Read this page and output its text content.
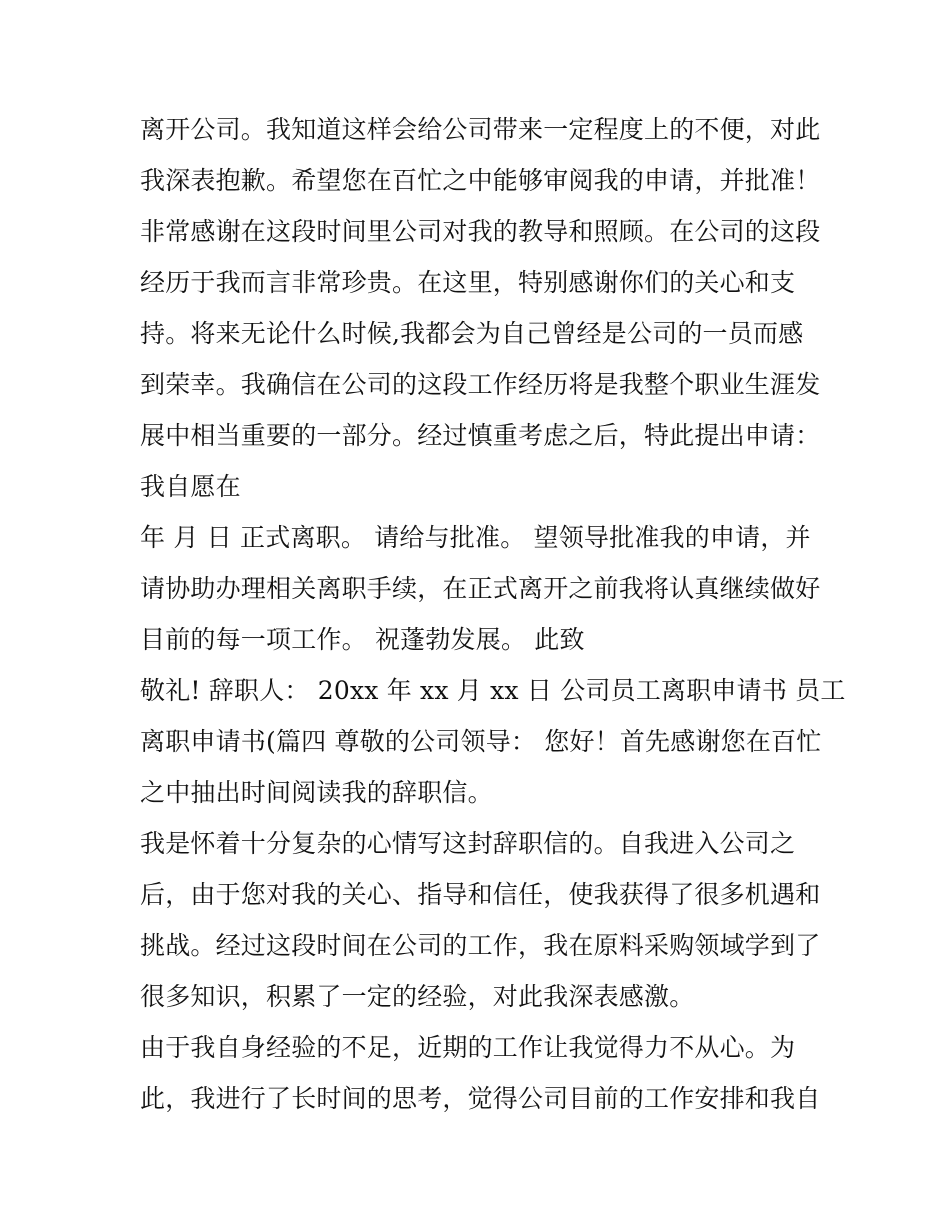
离开公司。我知道这样会给公司带来一定程度上的不便，对此
我深表抱歉。希望您在百忙之中能够审阅我的申请，并批准！
非常感谢在这段时间里公司对我的教导和照顾。在公司的这段
经历于我而言非常珍贵。在这里，特别感谢你们的关心和支
持。将来无论什么时候,我都会为自己曾经是公司的一员而感
到荣幸。我确信在公司的这段工作经历将是我整个职业生涯发
展中相当重要的一部分。经过慎重考虑之后，特此提出申请：
我自愿在
年 月 日 正式离职。 请给与批准。 望领导批准我的申请，并
请协助办理相关离职手续，在正式离开之前我将认真继续做好
目前的每一项工作。 祝蓬勃发展。 此致
敬礼! 辞职人： 20xx 年 xx 月 xx 日 公司员工离职申请书 员工
离职申请书(篇四 尊敬的公司领导： 您好！首先感谢您在百忙
之中抽出时间阅读我的辞职信。
我是怀着十分复杂的心情写这封辞职信的。自我进入公司之
后，由于您对我的关心、指导和信任，使我获得了很多机遇和
挑战。经过这段时间在公司的工作，我在原料采购领域学到了
很多知识，积累了一定的经验，对此我深表感激。
由于我自身经验的不足，近期的工作让我觉得力不从心。为
此，我进行了长时间的思考，觉得公司目前的工作安排和我自
